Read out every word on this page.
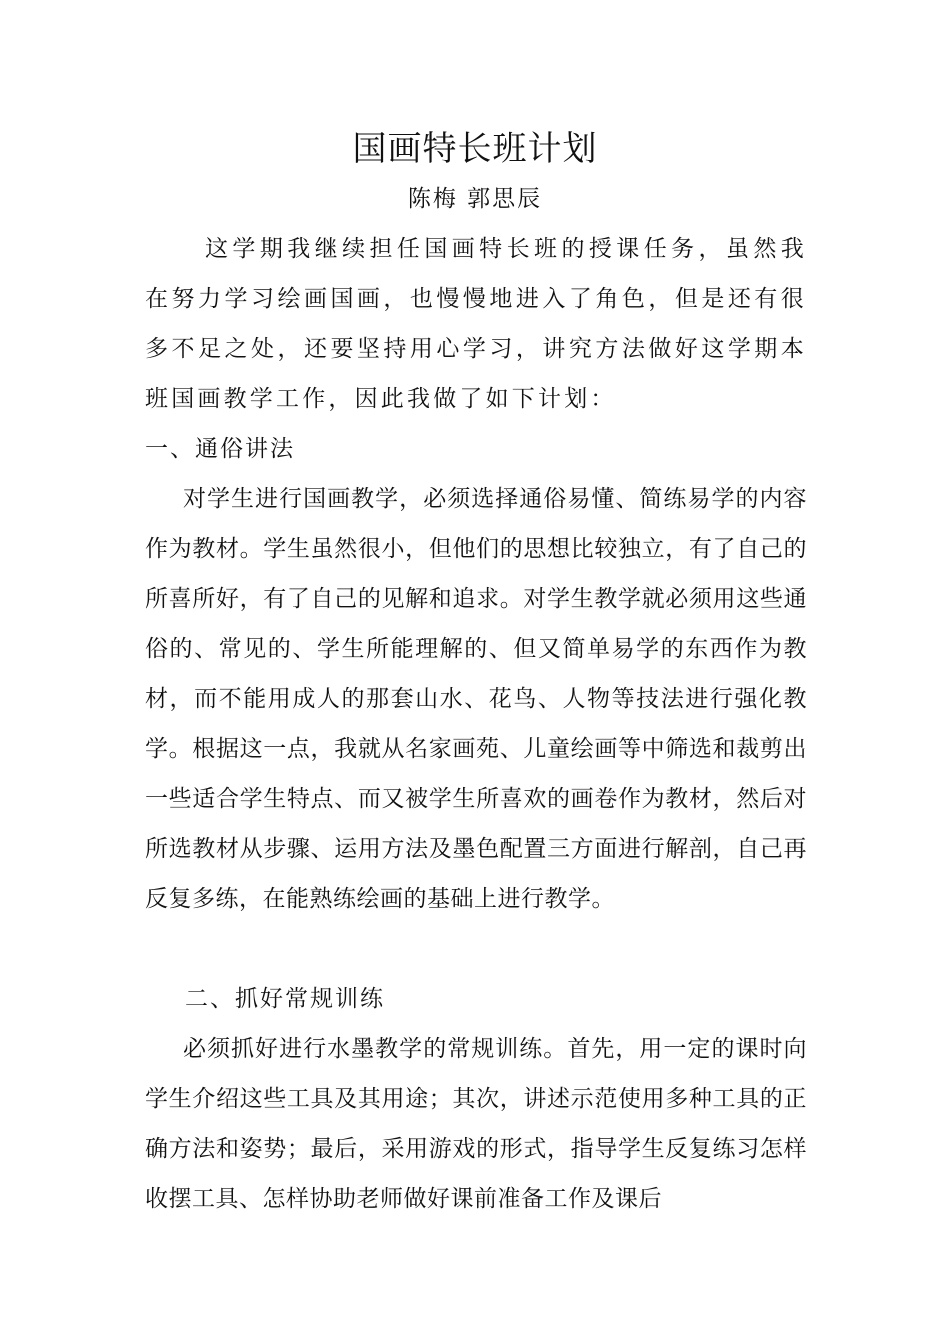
国画特长班计划
陈梅 郭思辰

这学期我继续担任国画特长班的授课任务，虽然我在努力学习绘画国画，也慢慢地进入了角色，但是还有很多不足之处，还要坚持用心学习，讲究方法做好这学期本班国画教学工作，因此我做了如下计划：

一、通俗讲法

对学生进行国画教学，必须选择通俗易懂、简练易学的内容作为教材。学生虽然很小，但他们的思想比较独立，有了自己的所喜所好，有了自己的见解和追求。对学生教学就必须用这些通俗的、常见的、学生所能理解的、但又简单易学的东西作为教材，而不能用成人的那套山水、花鸟、人物等技法进行强化教学。根据这一点，我就从名家画苑、儿童绘画等中筛选和裁剪出一些适合学生特点、而又被学生所喜欢的画卷作为教材，然后对所选教材从步骤、运用方法及墨色配置三方面进行解剖，自己再反复多练，在能熟练绘画的基础上进行教学。

二、抓好常规训练

必须抓好进行水墨教学的常规训练。首先，用一定的课时向学生介绍这些工具及其用途；其次，讲述示范使用多种工具的正确方法和姿势；最后，采用游戏的形式，指导学生反复练习怎样收摆工具、怎样协助老师做好课前准备工作及课后
